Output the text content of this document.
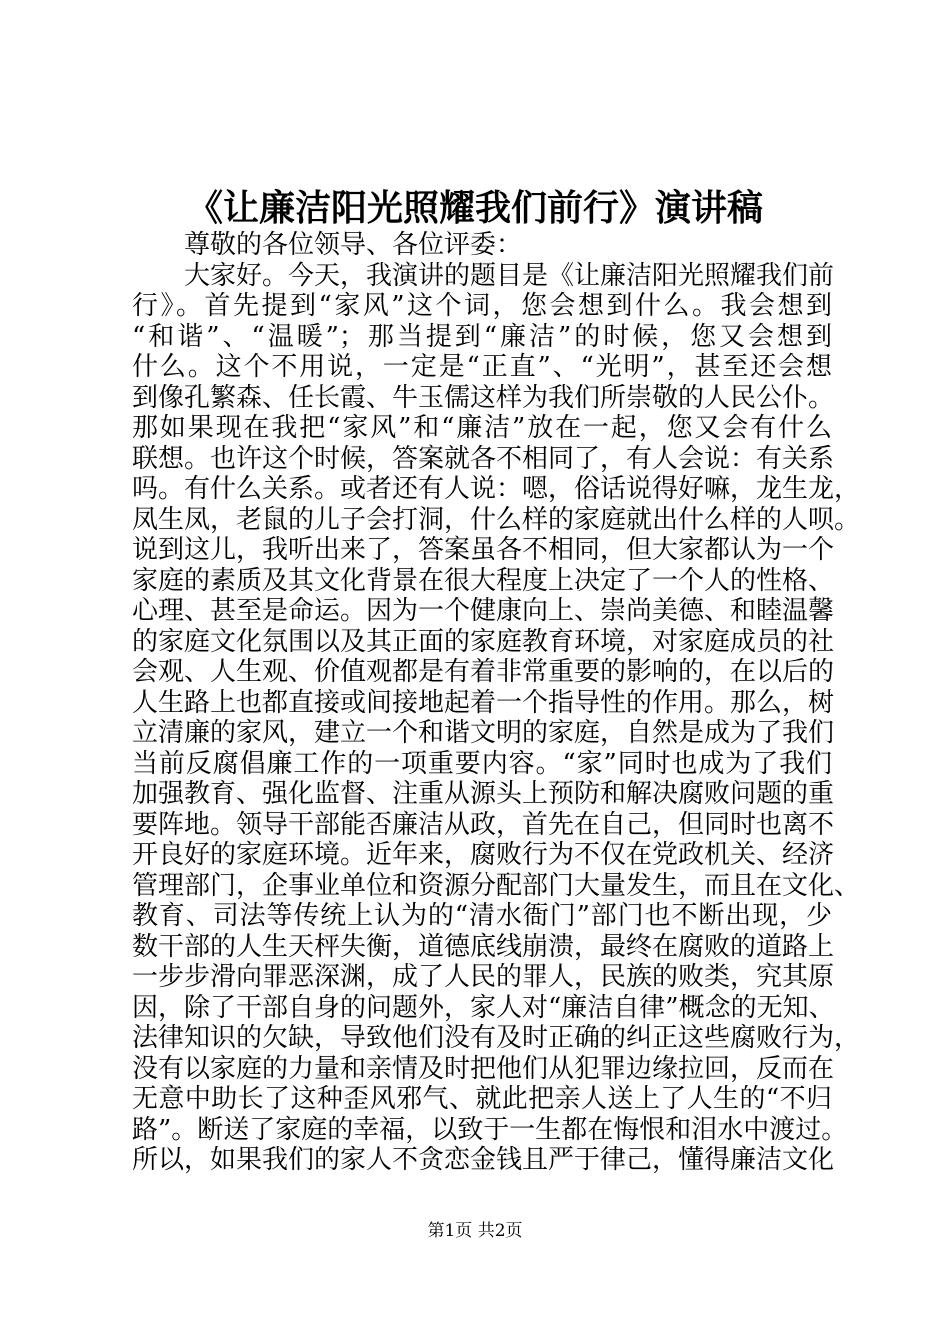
《让廉洁阳光照耀我们前行》演讲稿
尊敬的各位领导、各位评委：
大家好。今天，我演讲的题目是《让廉洁阳光照耀我们前
行》。首先提到“家风”这个词，您会想到什么。我会想到
“和谐”、“温暖”；那当提到“廉洁”的时候，您又会想到
什么。这个不用说，一定是“正直”、“光明”，甚至还会想
到像孔繁森、任长霞、牛玉儒这样为我们所崇敬的人民公仆。
那如果现在我把“家风”和“廉洁”放在一起，您又会有什么
联想。也许这个时候，答案就各不相同了，有人会说：有关系
吗。有什么关系。或者还有人说：嗯，俗话说得好嘛，龙生龙，
凤生凤，老鼠的儿子会打洞，什么样的家庭就出什么样的人呗。
说到这儿，我听出来了，答案虽各不相同，但大家都认为一个
家庭的素质及其文化背景在很大程度上决定了一个人的性格、
心理、甚至是命运。因为一个健康向上、崇尚美德、和睦温馨
的家庭文化氛围以及其正面的家庭教育环境，对家庭成员的社
会观、人生观、价值观都是有着非常重要的影响的，在以后的
人生路上也都直接或间接地起着一个指导性的作用。那么，树
立清廉的家风，建立一个和谐文明的家庭，自然是成为了我们
当前反腐倡廉工作的一项重要内容。“家”同时也成为了我们
加强教育、强化监督、注重从源头上预防和解决腐败问题的重
要阵地。领导干部能否廉洁从政，首先在自己，但同时也离不
开良好的家庭环境。近年来，腐败行为不仅在党政机关、经济
管理部门，企事业单位和资源分配部门大量发生，而且在文化、
教育、司法等传统上认为的“清水衙门”部门也不断出现，少
数干部的人生天枰失衡，道德底线崩溃，最终在腐败的道路上
一步步滑向罪恶深渊，成了人民的罪人，民族的败类，究其原
因，除了干部自身的问题外，家人对“廉洁自律”概念的无知、
法律知识的欠缺，导致他们没有及时正确的纠正这些腐败行为，
没有以家庭的力量和亲情及时把他们从犯罪边缘拉回，反而在
无意中助长了这种歪风邪气、就此把亲人送上了人生的“不归
路”。断送了家庭的幸福，以致于一生都在悔恨和泪水中渡过。
所以，如果我们的家人不贪恋金钱且严于律己，懂得廉洁文化
第1页 共2页
